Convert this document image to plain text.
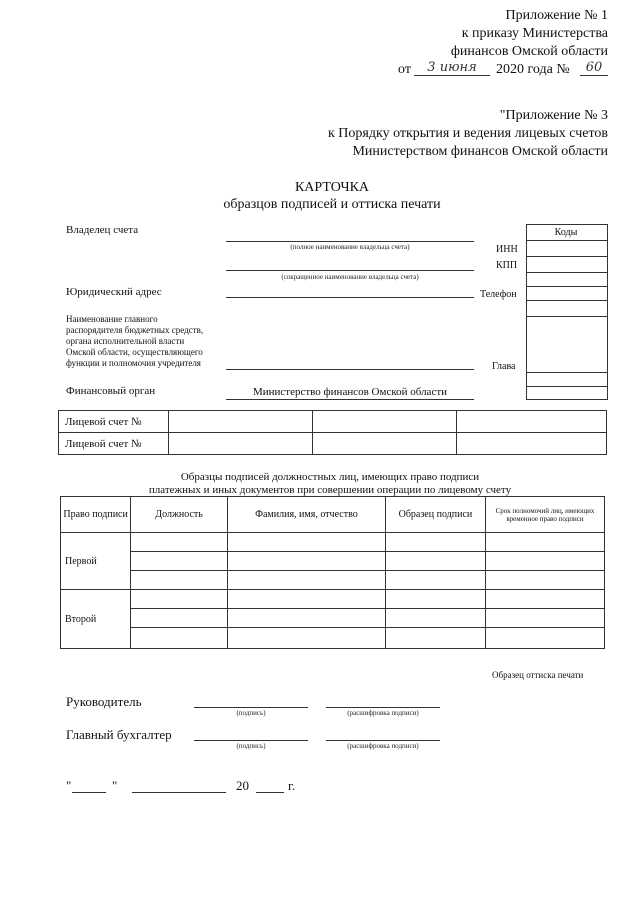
Приложение № 1
к приказу Министерства
финансов Омской области
от	3 июня	2020 года №	60
"Приложение № 3
к Порядку открытия и ведения лицевых счетов
Министерством финансов Омской области
КАРТОЧКА
образцов подписей и оттиска печати
Владелец счета
(полное наименование владельца счета)
(сокращенное наименование владельца счета)
Коды
ИНН
КПП
Телефон
Глава
Юридический адрес
Наименование главного
распорядителя бюджетных средств,
органа исполнительной власти
Омской области, осуществляющего
функции и полномочия учредителя
Финансовый орган	Министерство финансов Омской области
Лицевой счет №			
Лицевой счет №			
Образцы подписей должностных лиц, имеющих право подписи
платежных и иных документов при совершении операции по лицевому счету
Право подписи	Должность	Фамилия, имя, отчество	Образец подписи	Срок полномочий лиц, имеющих временное право подписи
Первой				

Второй				

Образец оттиска печати
Руководитель
(подпись)	(расшифровка подписи)
Главный бухгалтер
(подпись)	(расшифровка подписи)
"	"	20	г.
